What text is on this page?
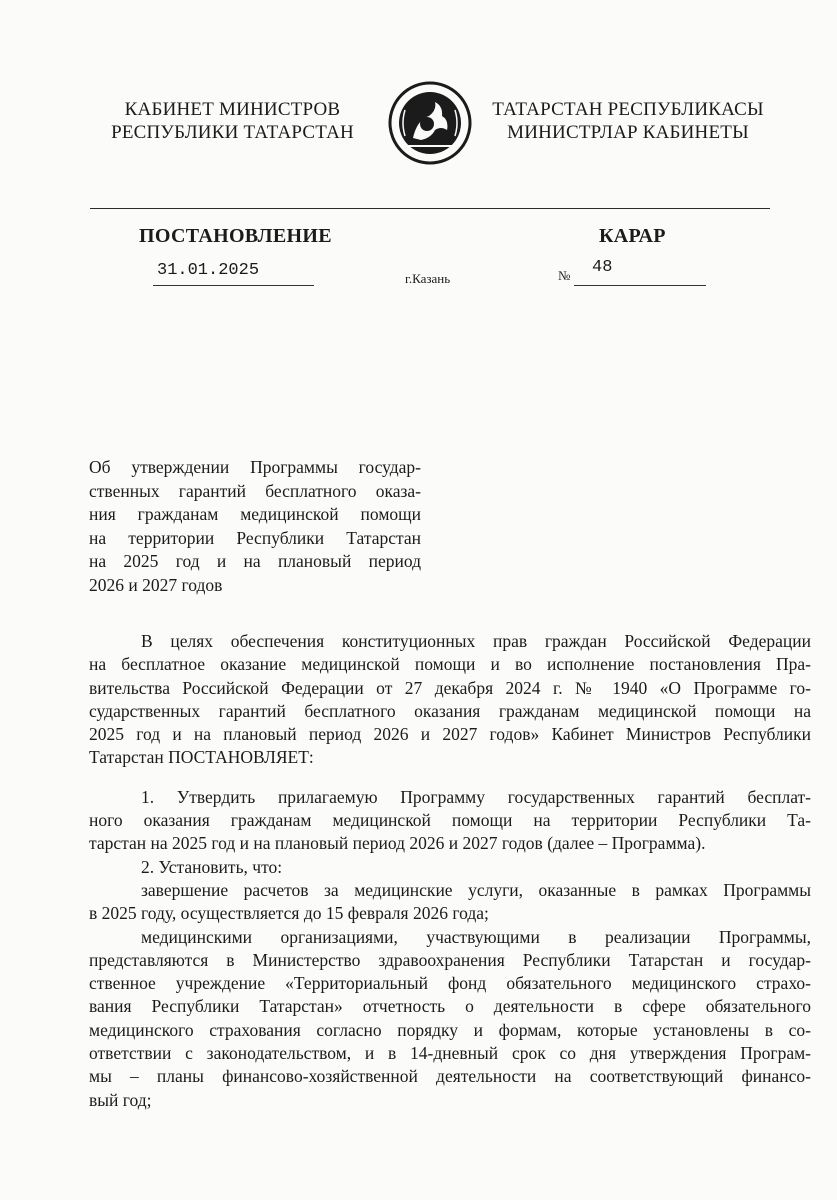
КАБИНЕТ МИНИСТРОВ
РЕСПУБЛИКИ ТАТАРСТАН
ТАТАРСТАН РЕСПУБЛИКАСЫ
МИНИСТРЛАР КАБИНЕТЫ
ПОСТАНОВЛЕНИЕ	КАРАР
31.01.2025	г.Казань	№ 48
Об утверждении Программы государ-
ственных гарантий бесплатного оказа-
ния гражданам медицинской помощи
на территории Республики Татарстан
на 2025 год и на плановый период
2026 и 2027 годов
В целях обеспечения конституционных прав граждан Российской Федерации
на бесплатное оказание медицинской помощи и во исполнение постановления Пра-
вительства Российской Федерации от 27 декабря 2024 г. № 1940 «О Программе го-
сударственных гарантий бесплатного оказания гражданам медицинской помощи на
2025 год и на плановый период 2026 и 2027 годов» Кабинет Министров Республики
Татарстан ПОСТАНОВЛЯЕТ:
1. Утвердить прилагаемую Программу государственных гарантий бесплат-
ного оказания гражданам медицинской помощи на территории Республики Та-
тарстан на 2025 год и на плановый период 2026 и 2027 годов (далее – Программа).
2. Установить, что:
завершение расчетов за медицинские услуги, оказанные в рамках Программы
в 2025 году, осуществляется до 15 февраля 2026 года;
медицинскими организациями, участвующими в реализации Программы,
представляются в Министерство здравоохранения Республики Татарстан и государ-
ственное учреждение «Территориальный фонд обязательного медицинского страхо-
вания Республики Татарстан» отчетность о деятельности в сфере обязательного
медицинского страхования согласно порядку и формам, которые установлены в со-
ответствии с законодательством, и в 14-дневный срок со дня утверждения Програм-
мы – планы финансово-хозяйственной деятельности на соответствующий финансо-
вый год;
